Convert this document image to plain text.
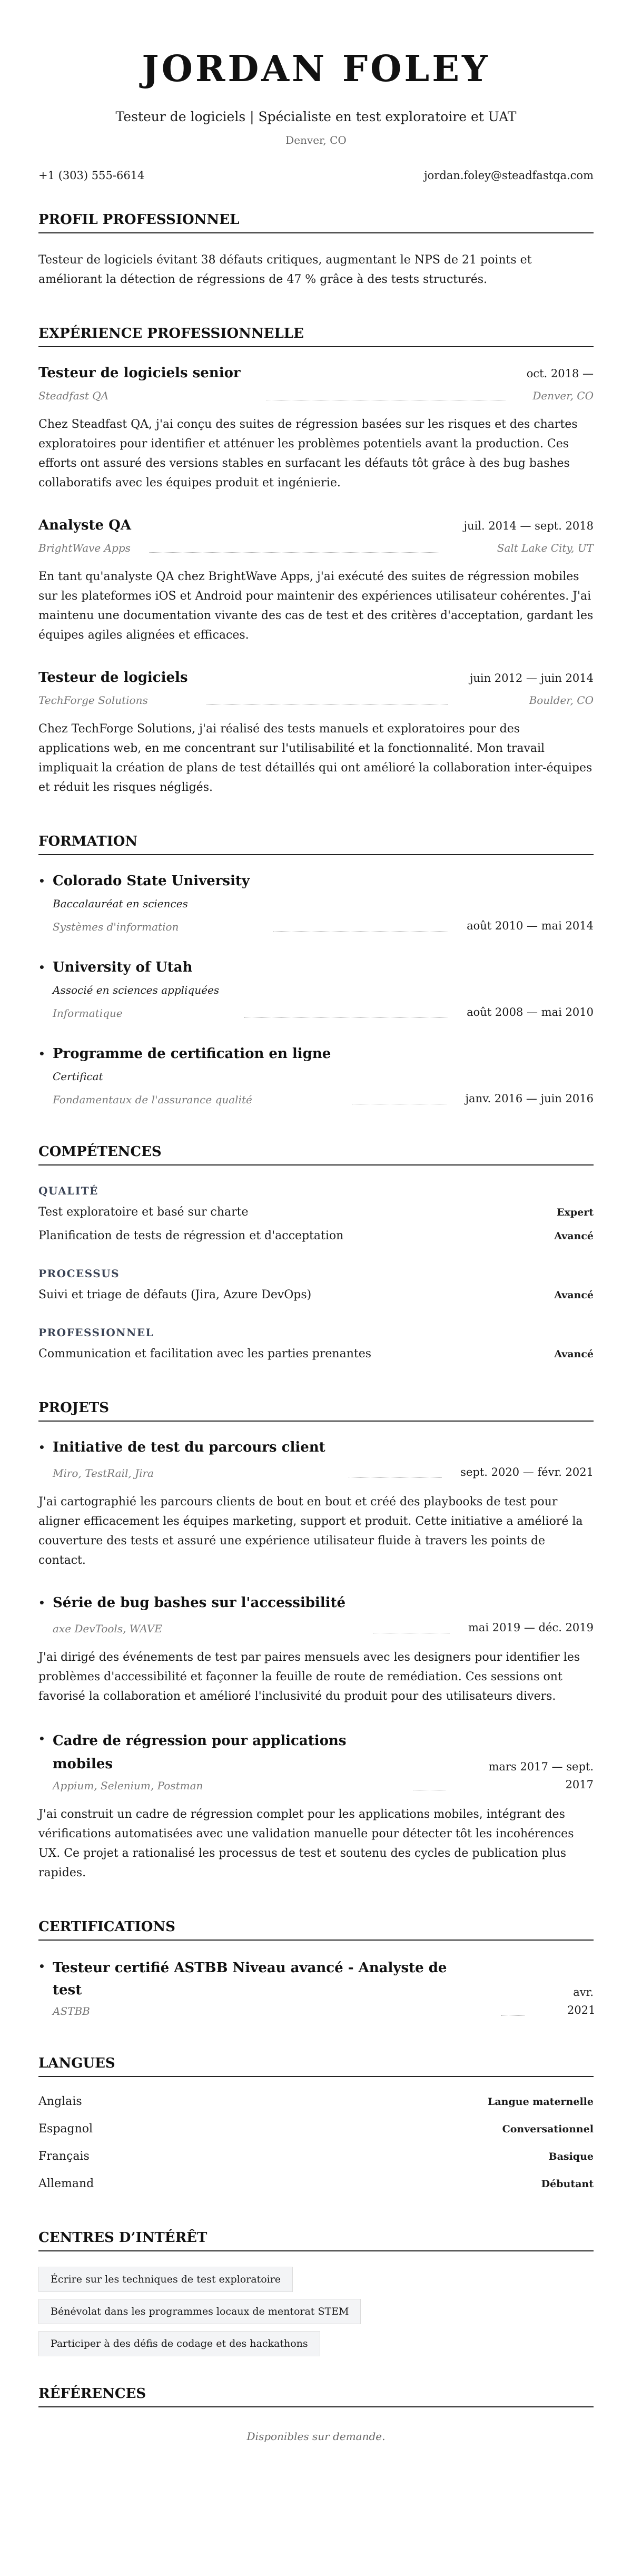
JORDAN FOLEY
Testeur de logiciels | Spécialiste en test exploratoire et UAT
Denver, CO
+1 (303) 555-6614	jordan.foley@steadfastqa.com
PROFIL PROFESSIONNEL

Testeur de logiciels évitant 38 défauts critiques, augmentant le NPS de 21 points et améliorant la détection de régressions de 47 % grâce à des tests structurés.

EXPÉRIENCE PROFESSIONNELLE
Testeur de logiciels senior	oct. 2018 —
Steadfast QA	Denver, CO

Chez Steadfast QA, j'ai conçu des suites de régression basées sur les risques et des chartes exploratoires pour identifier et atténuer les problèmes potentiels avant la production. Ces efforts ont assuré des versions stables en surfacant les défauts tôt grâce à des bug bashes collaboratifs avec les équipes produit et ingénierie.

Analyste QA	juil. 2014 — sept. 2018
BrightWave Apps	Salt Lake City, UT

En tant qu'analyste QA chez BrightWave Apps, j'ai exécuté des suites de régression mobiles sur les plateformes iOS et Android pour maintenir des expériences utilisateur cohérentes. J'ai maintenu une documentation vivante des cas de test et des critères d'acceptation, gardant les équipes agiles alignées et efficaces.

Testeur de logiciels	juin 2012 — juin 2014
TechForge Solutions	Boulder, CO

Chez TechForge Solutions, j'ai réalisé des tests manuels et exploratoires pour des applications web, en me concentrant sur l'utilisabilité et la fonctionnalité. Mon travail impliquait la création de plans de test détaillés qui ont amélioré la collaboration inter-équipes et réduit les risques négligés.

FORMATION
• Colorado State University
Baccalauréat en sciences
Systèmes d'information	août 2010 — mai 2014
• University of Utah
Associé en sciences appliquées
Informatique	août 2008 — mai 2010
• Programme de certification en ligne
Certificat
Fondamentaux de l'assurance qualité	janv. 2016 — juin 2016
COMPÉTENCES
QUALITÉ
Test exploratoire et basé sur charte	Expert
Planification de tests de régression et d'acceptation	Avancé
PROCESSUS
Suivi et triage de défauts (Jira, Azure DevOps)	Avancé
PROFESSIONNEL
Communication et facilitation avec les parties prenantes	Avancé
PROJETS
• Initiative de test du parcours client
Miro, TestRail, Jira	sept. 2020 — févr. 2021

J'ai cartographié les parcours clients de bout en bout et créé des playbooks de test pour aligner efficacement les équipes marketing, support et produit. Cette initiative a amélioré la couverture des tests et assuré une expérience utilisateur fluide à travers les points de contact.

• Série de bug bashes sur l'accessibilité
axe DevTools, WAVE	mai 2019 — déc. 2019

J'ai dirigé des événements de test par paires mensuels avec les designers pour identifier les problèmes d'accessibilité et façonner la feuille de route de remédiation. Ces sessions ont favorisé la collaboration et amélioré l'inclusivité du produit pour des utilisateurs divers.

• Cadre de régression pour applications mobiles
Appium, Selenium, Postman
mars 2017 — sept. 2017

J'ai construit un cadre de régression complet pour les applications mobiles, intégrant des vérifications automatisées avec une validation manuelle pour détecter tôt les incohérences UX. Ce projet a rationalisé les processus de test et soutenu des cycles de publication plus rapides.

CERTIFICATIONS
• Testeur certifié ASTBB Niveau avancé - Analyste de test
ASTBB
avr. 2021
LANGUES
Anglais	Langue maternelle
Espagnol	Conversationnel
Français	Basique
Allemand	Débutant
CENTRES D’INTÉRÊT
Écrire sur les techniques de test exploratoire
Bénévolat dans les programmes locaux de mentorat STEM
Participer à des défis de codage et des hackathons
RÉFÉRENCES

Disponibles sur demande.
